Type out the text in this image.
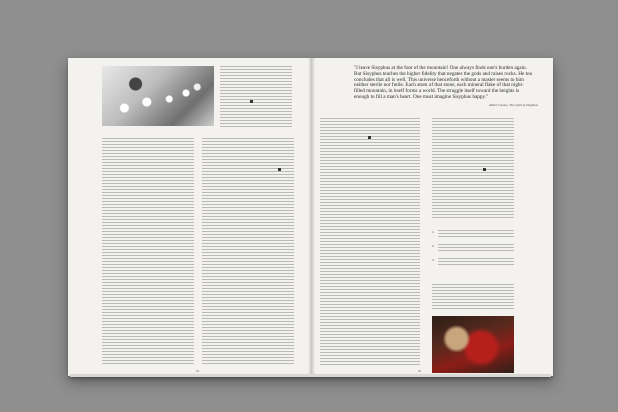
24
"I leave Sisyphus at the foot of the mountain! One always finds one's burden again. But Sisyphus teaches the higher fidelity that negates the gods and raises rocks. He too concludes that all is well. This universe henceforth without a master seems to him neither sterile nor futile. Each atom of that stone, each mineral flake of that night-filled mountain, in itself forms a world. The struggle itself toward the heights is enough to fill a man's heart. One must imagine Sisyphus happy."
Albert Camus, The myth of Sisyphus
1.
2.
3.
25
